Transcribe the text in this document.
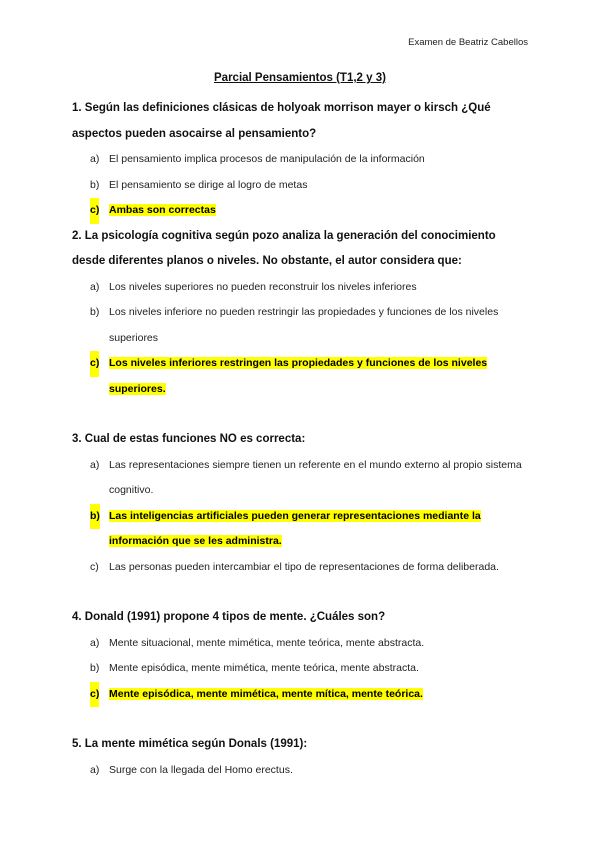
Examen de Beatriz Cabellos
Parcial Pensamientos (T1,2 y 3)
1. Según las definiciones clásicas de holyoak morrison mayer o kirsch ¿Qué aspectos pueden asocairse al pensamiento?
a) El pensamiento implica procesos de manipulación de la información
b) El pensamiento se dirige al logro de metas
c) Ambas son correctas
2. La psicología cognitiva según pozo analiza la generación del conocimiento desde diferentes planos o niveles. No obstante, el autor considera que:
a) Los niveles superiores no pueden reconstruir los niveles inferiores
b) Los niveles inferiore no pueden restringir las propiedades y funciones de los niveles superiores
c) Los niveles inferiores restringen las propiedades y funciones de los niveles superiores.
3. Cual de estas funciones NO es correcta:
a) Las representaciones siempre tienen un referente en el mundo externo al propio sistema cognitivo.
b) Las inteligencias artificiales pueden generar representaciones mediante la información que se les administra.
c) Las personas pueden intercambiar el tipo de representaciones de forma deliberada.
4. Donald (1991) propone 4 tipos de mente. ¿Cuáles son?
a) Mente situacional, mente mimética, mente teórica, mente abstracta.
b) Mente episódica, mente mimética, mente teórica, mente abstracta.
c) Mente episódica, mente mimética, mente mítica, mente teórica.
5. La mente mimética según Donals (1991):
a) Surge con la llegada del Homo erectus.
